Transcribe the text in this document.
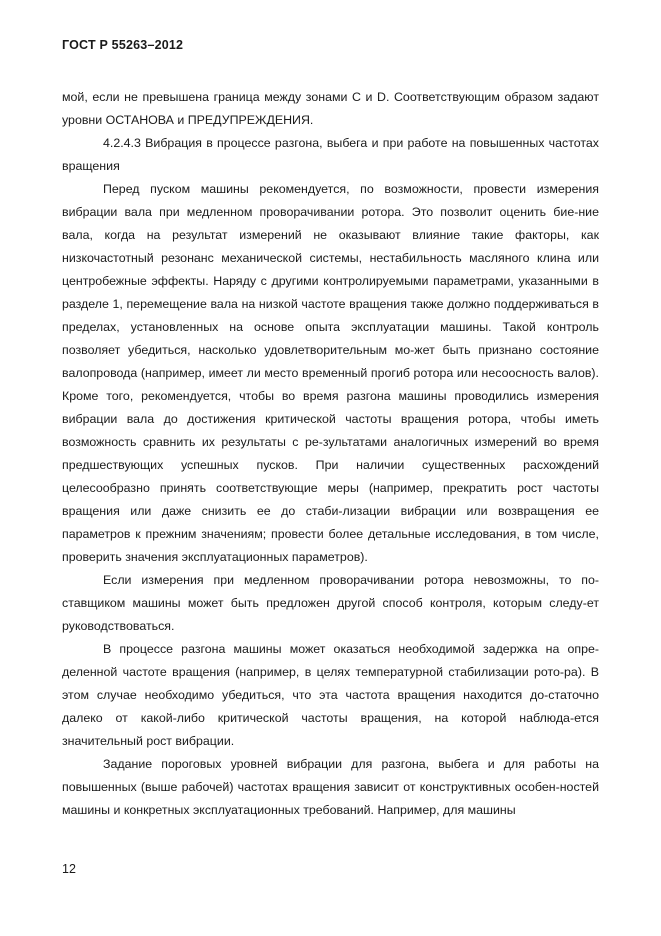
ГОСТ Р 55263–2012

мой, если не превышена граница между зонами C и D. Соответствующим образом задают уровни ОСТАНОВА и ПРЕДУПРЕЖДЕНИЯ.

4.2.4.3 Вибрация в процессе разгона, выбега и при работе на повышенных частотах вращения

Перед пуском машины рекомендуется, по возможности, провести измерения вибрации вала при медленном проворачивании ротора. Это позволит оценить бие-ние вала, когда на результат измерений не оказывают влияние такие факторы, как низкочастотный резонанс механической системы, нестабильность масляного клина или центробежные эффекты. Наряду с другими контролируемыми параметрами, указанными в разделе 1, перемещение вала на низкой частоте вращения также должно поддерживаться в пределах, установленных на основе опыта эксплуатации машины. Такой контроль позволяет убедиться, насколько удовлетворительным мо-жет быть признано состояние валопровода (например, имеет ли место временный прогиб ротора или несоосность валов). Кроме того, рекомендуется, чтобы во время разгона машины проводились измерения вибрации вала до достижения критической частоты вращения ротора, чтобы иметь возможность сравнить их результаты с ре-зультатами аналогичных измерений во время предшествующих успешных пусков. При наличии существенных расхождений целесообразно принять соответствующие меры (например, прекратить рост частоты вращения или даже снизить ее до стаби-лизации вибрации или возвращения ее параметров к прежним значениям; провести более детальные исследования, в том числе, проверить значения эксплуатационных параметров).

Если измерения при медленном проворачивании ротора невозможны, то по-ставщиком машины может быть предложен другой способ контроля, которым следу-ет руководствоваться.

В процессе разгона машины может оказаться необходимой задержка на опре-деленной частоте вращения (например, в целях температурной стабилизации рото-ра). В этом случае необходимо убедиться, что эта частота вращения находится до-статочно далеко от какой-либо критической частоты вращения, на которой наблюда-ется значительный рост вибрации.

Задание пороговых уровней вибрации для разгона, выбега и для работы на повышенных (выше рабочей) частотах вращения зависит от конструктивных особен-ностей машины и конкретных эксплуатационных требований. Например, для машины

12
